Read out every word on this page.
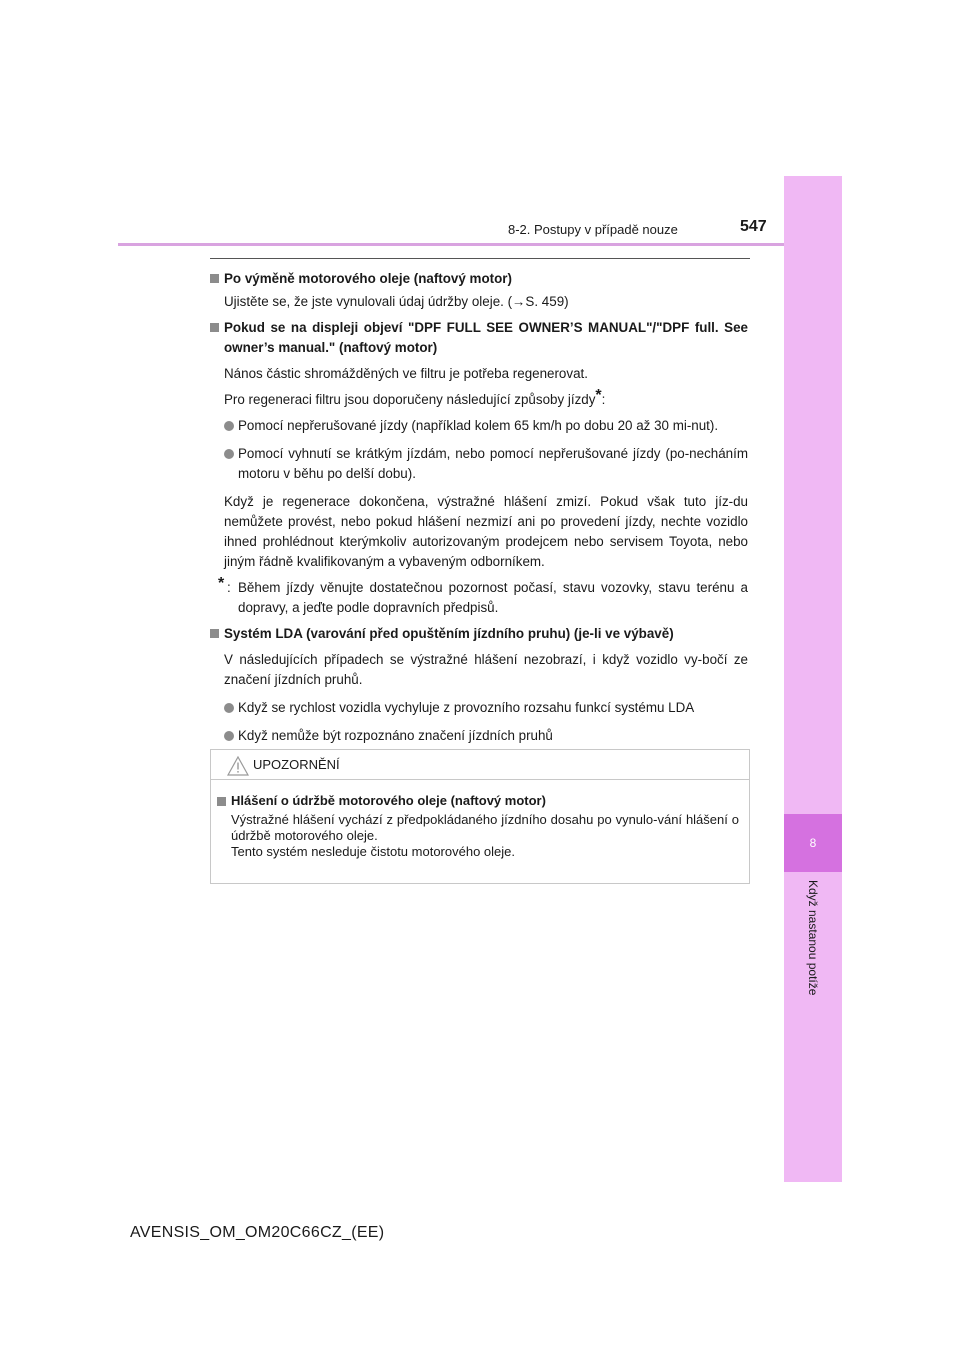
8
Když nastanou potíže
8-2. Postupy v případě nouze	547
Po výměně motorového oleje (naftový motor)
Ujistěte se, že jste vynulovali údaj údržby oleje. (→S. 459)
Pokud se na displeji objeví "DPF FULL SEE OWNER’S MANUAL"/"DPF full. See owner’s manual." (naftový motor)
Nános částic shromážděných ve filtru je potřeba regenerovat.
Pro regeneraci filtru jsou doporučeny následující způsoby jízdy*:
Pomocí nepřerušované jízdy (například kolem 65 km/h po dobu 20 až 30 mi-nut).
Pomocí vyhnutí se krátkým jízdám, nebo pomocí nepřerušované jízdy (po-necháním motoru v běhu po delší dobu).
Když je regenerace dokončena, výstražné hlášení zmizí. Pokud však tuto jíz-du nemůžete provést, nebo pokud hlášení nezmizí ani po provedení jízdy, nechte vozidlo ihned prohlédnout kterýmkoliv autorizovaným prodejcem nebo servisem Toyota, nebo jiným řádně kvalifikovaným a vybaveným odborníkem.
* : Během jízdy věnujte dostatečnou pozornost počasí, stavu vozovky, stavu terénu a dopravy, a jeďte podle dopravních předpisů.
Systém LDA (varování před opuštěním jízdního pruhu) (je-li ve výbavě)
V následujících případech se výstražné hlášení nezobrazí, i když vozidlo vy-bočí ze značení jízdních pruhů.
Když se rychlost vozidla vychyluje z provozního rozsahu funkcí systému LDA
Když nemůže být rozpoznáno značení jízdních pruhů
UPOZORNĚNÍ
Hlášení o údržbě motorového oleje (naftový motor)
Výstražné hlášení vychází z předpokládaného jízdního dosahu po vynulo-vání hlášení o údržbě motorového oleje.
Tento systém nesleduje čistotu motorového oleje.
AVENSIS_OM_OM20C66CZ_(EE)
